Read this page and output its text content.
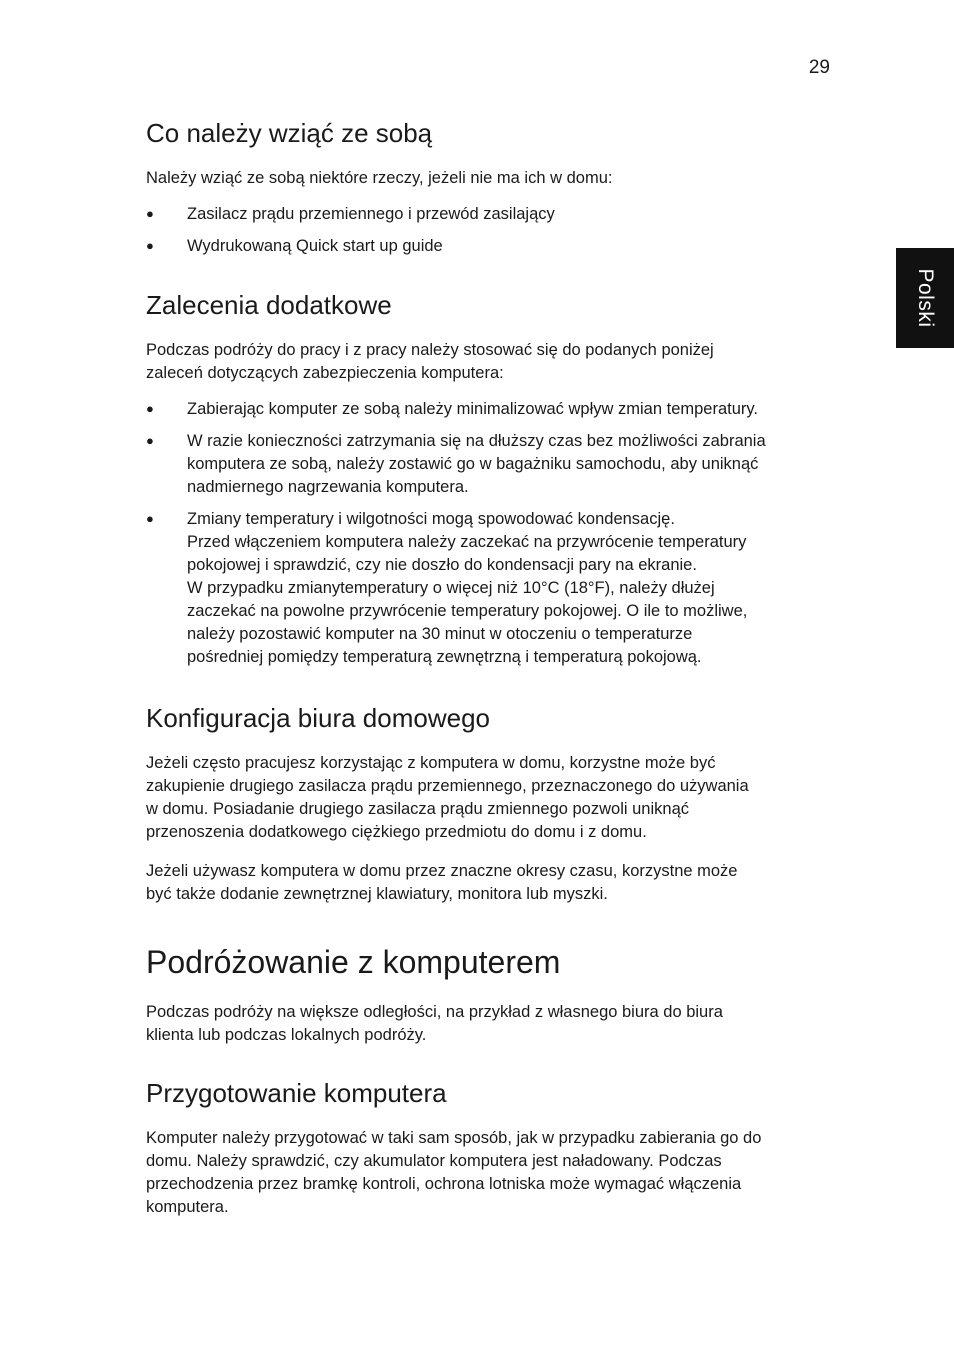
29
Polski
Co należy wziąć ze sobą

Należy wziąć ze sobą niektóre rzeczy, jeżeli nie ma ich w domu:

● Zasilacz prądu przemiennego i przewód zasilający
● Wydrukowaną Quick start up guide
Zalecenia dodatkowe

Podczas podróży do pracy i z pracy należy stosować się do podanych poniżej
zaleceń dotyczących zabezpieczenia komputera:

● Zabierając komputer ze sobą należy minimalizować wpływ zmian temperatury.
● W razie konieczności zatrzymania się na dłuższy czas bez możliwości zabrania
komputera ze sobą, należy zostawić go w bagażniku samochodu, aby uniknąć
nadmiernego nagrzewania komputera.
● Zmiany temperatury i wilgotności mogą spowodować kondensację.
Przed włączeniem komputera należy zaczekać na przywrócenie temperatury
pokojowej i sprawdzić, czy nie doszło do kondensacji pary na ekranie.
W przypadku zmianytemperatury o więcej niż 10°C (18°F), należy dłużej
zaczekać na powolne przywrócenie temperatury pokojowej. O ile to możliwe,
należy pozostawić komputer na 30 minut w otoczeniu o temperaturze
pośredniej pomiędzy temperaturą zewnętrzną i temperaturą pokojową.
Konfiguracja biura domowego

Jeżeli często pracujesz korzystając z komputera w domu, korzystne może być
zakupienie drugiego zasilacza prądu przemiennego, przeznaczonego do używania
w domu. Posiadanie drugiego zasilacza prądu zmiennego pozwoli uniknąć
przenoszenia dodatkowego ciężkiego przedmiotu do domu i z domu.

Jeżeli używasz komputera w domu przez znaczne okresy czasu, korzystne może
być także dodanie zewnętrznej klawiatury, monitora lub myszki.

Podróżowanie z komputerem

Podczas podróży na większe odległości, na przykład z własnego biura do biura
klienta lub podczas lokalnych podróży.

Przygotowanie komputera

Komputer należy przygotować w taki sam sposób, jak w przypadku zabierania go do
domu. Należy sprawdzić, czy akumulator komputera jest naładowany. Podczas
przechodzenia przez bramkę kontroli, ochrona lotniska może wymagać włączenia
komputera.
